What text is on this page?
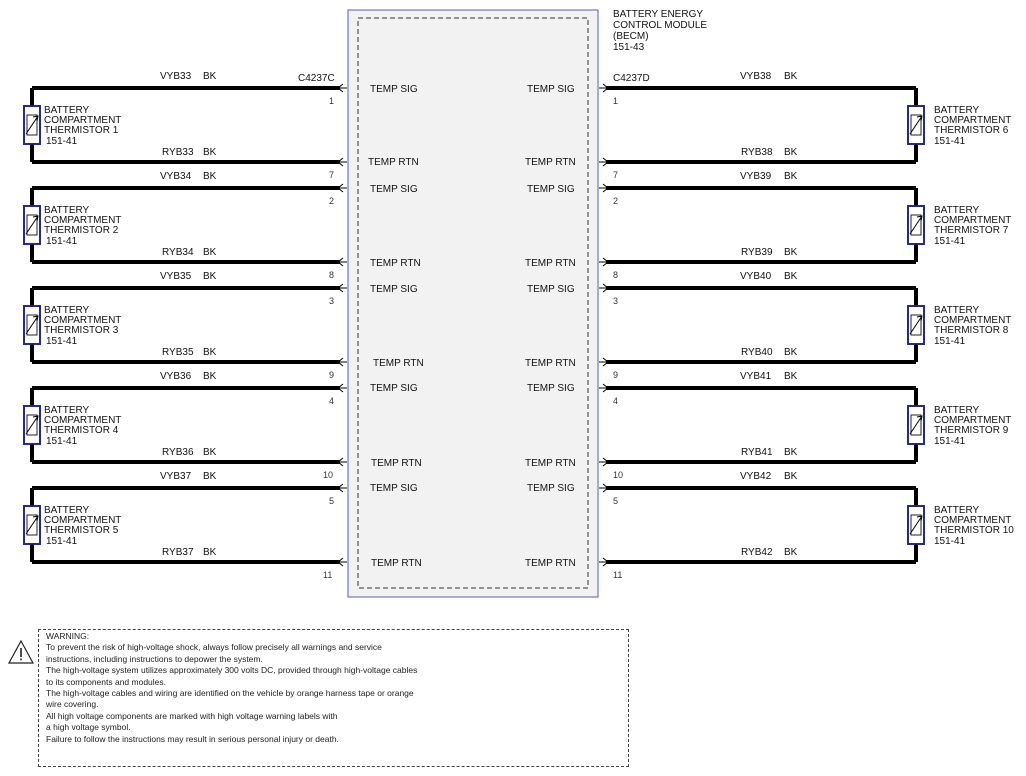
BATTERY ENERGY
CONTROL MODULE
(BECM)
151-43
C4237C	C4237D
VYB33 BK
RYB33 BK
1
7
BATTERY
COMPARTMENT
THERMISTOR 1
151-41
TEMP SIG
TEMP RTN
VYB34 BK
RYB34 BK
2
8
BATTERY
COMPARTMENT
THERMISTOR 2
151-41
TEMP SIG
TEMP RTN
VYB35 BK
RYB35 BK
3
9
BATTERY
COMPARTMENT
THERMISTOR 3
151-41
TEMP SIG
TEMP RTN
VYB36 BK
RYB36 BK
4
10
BATTERY
COMPARTMENT
THERMISTOR 4
151-41
TEMP SIG
TEMP RTN
VYB37 BK
RYB37 BK
5
11
BATTERY
COMPARTMENT
THERMISTOR 5
151-41
TEMP SIG
TEMP RTN
VYB38 BK
RYB38 BK
1
7
BATTERY
COMPARTMENT
THERMISTOR 6
151-41
TEMP SIG
TEMP RTN
VYB39 BK
RYB39 BK
2
8
BATTERY
COMPARTMENT
THERMISTOR 7
151-41
TEMP SIG
TEMP RTN
VYB40 BK
RYB40 BK
3
9
BATTERY
COMPARTMENT
THERMISTOR 8
151-41
TEMP SIG
TEMP RTN
VYB41 BK
RYB41 BK
4
10
BATTERY
COMPARTMENT
THERMISTOR 9
151-41
TEMP SIG
TEMP RTN
VYB42 BK
RYB42 BK
5
11
BATTERY
COMPARTMENT
THERMISTOR 10
151-41
TEMP SIG
TEMP RTN
WARNING:
To prevent the risk of high-voltage shock, always follow precisely all warnings and service
instructions, including instructions to depower the system.
The high-voltage system utilizes approximately 300 volts DC, provided through high-voltage cables
to its components and modules.
The high-voltage cables and wiring are identified on the vehicle by orange harness tape or orange
wire covering.
All high voltage components are marked with high voltage warning labels with
a high voltage symbol.
Failure to follow the instructions may result in serious personal injury or death.
